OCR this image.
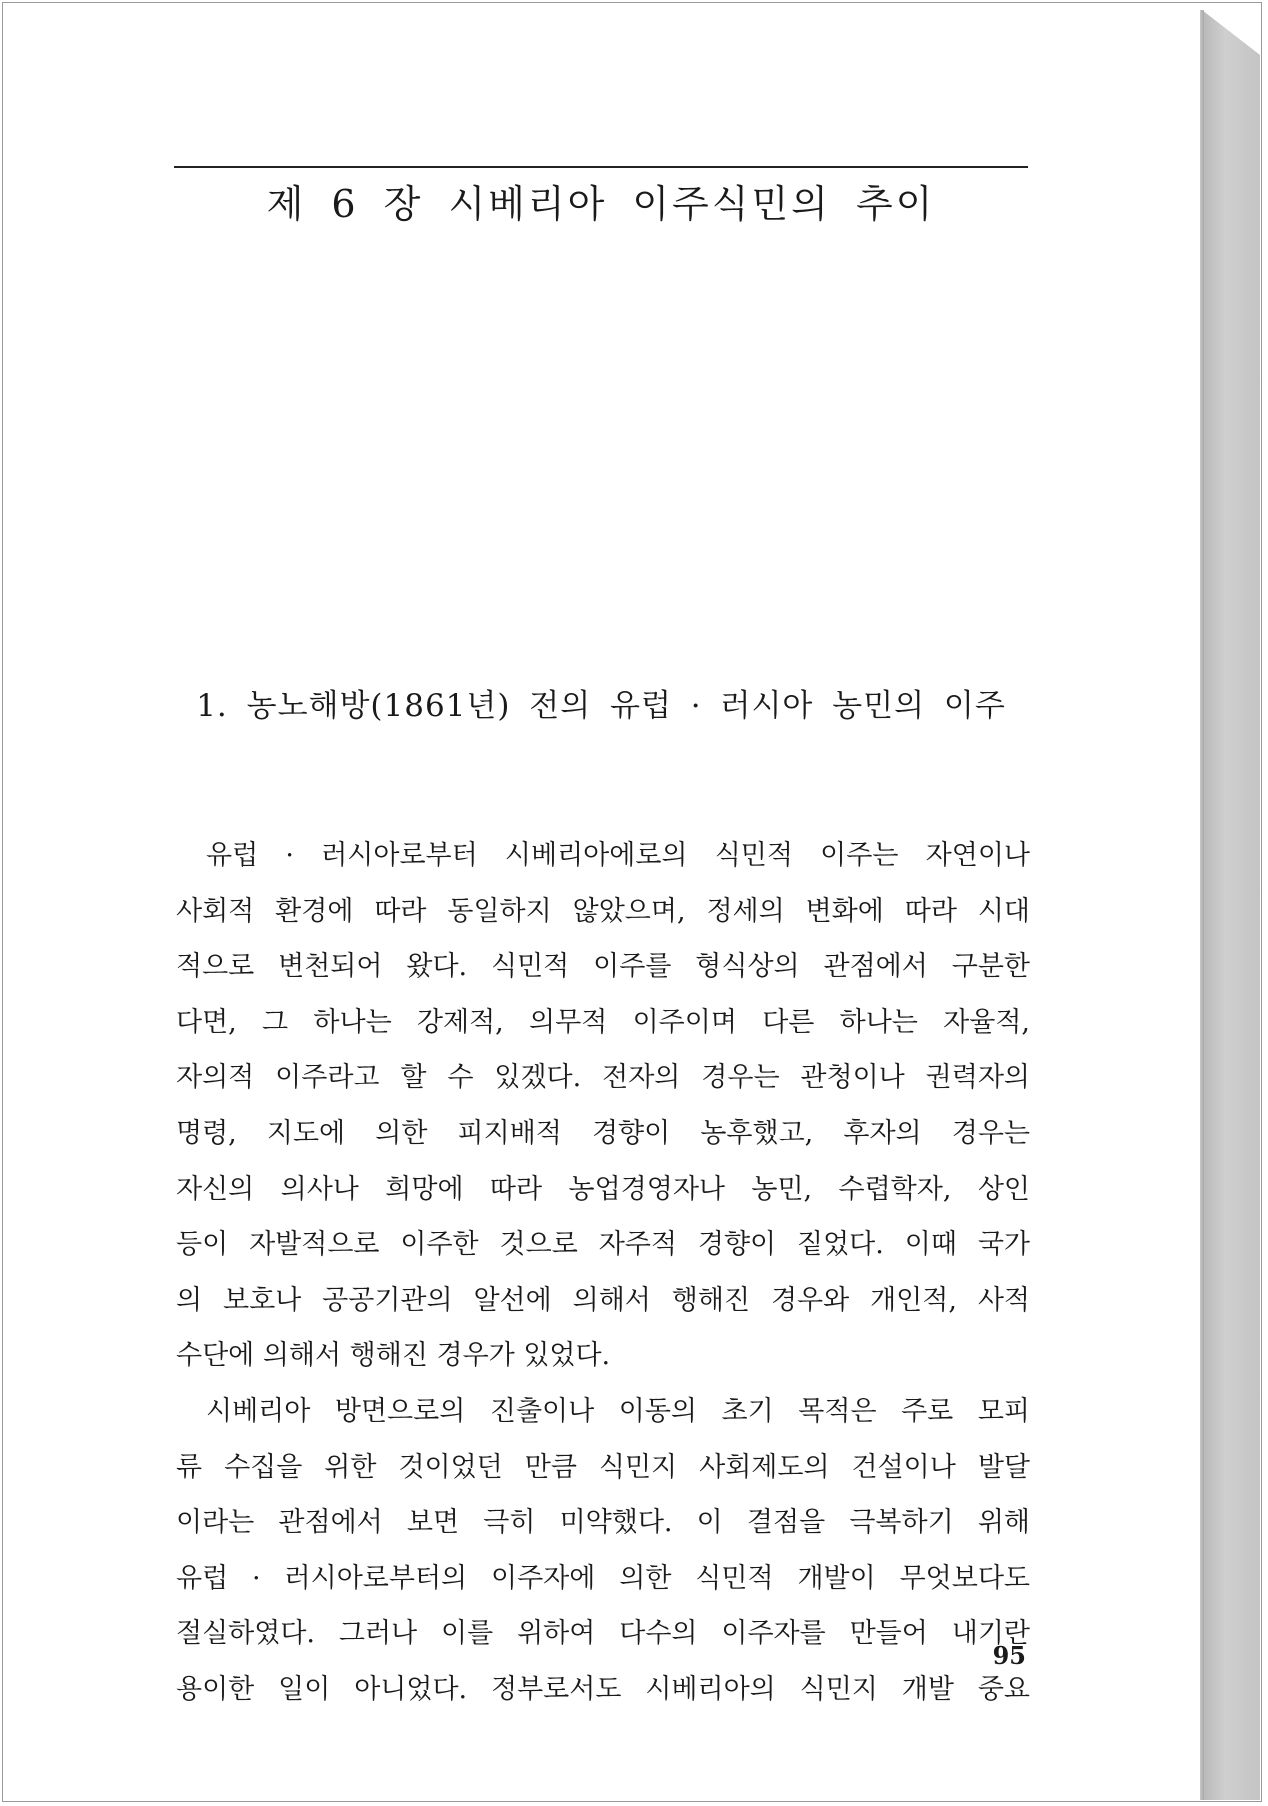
제 6 장 시베리아 이주식민의 추이
1. 농노해방(1861년) 전의 유럽 · 러시아 농민의 이주
유럽 · 러시아로부터 시베리아에로의 식민적 이주는 자연이나
사회적 환경에 따라 동일하지 않았으며, 정세의 변화에 따라 시대
적으로 변천되어 왔다. 식민적 이주를 형식상의 관점에서 구분한
다면, 그 하나는 강제적, 의무적 이주이며 다른 하나는 자율적,
자의적 이주라고 할 수 있겠다. 전자의 경우는 관청이나 권력자의
명령, 지도에 의한 피지배적 경향이 농후했고, 후자의 경우는
자신의 의사나 희망에 따라 농업경영자나 농민, 수렵학자, 상인
등이 자발적으로 이주한 것으로 자주적 경향이 짙었다. 이때 국가
의 보호나 공공기관의 알선에 의해서 행해진 경우와 개인적, 사적
수단에 의해서 행해진 경우가 있었다.
시베리아 방면으로의 진출이나 이동의 초기 목적은 주로 모피
류 수집을 위한 것이었던 만큼 식민지 사회제도의 건설이나 발달
이라는 관점에서 보면 극히 미약했다. 이 결점을 극복하기 위해
유럽 · 러시아로부터의 이주자에 의한 식민적 개발이 무엇보다도
절실하였다. 그러나 이를 위하여 다수의 이주자를 만들어 내기란
용이한 일이 아니었다. 정부로서도 시베리아의 식민지 개발 중요
95
